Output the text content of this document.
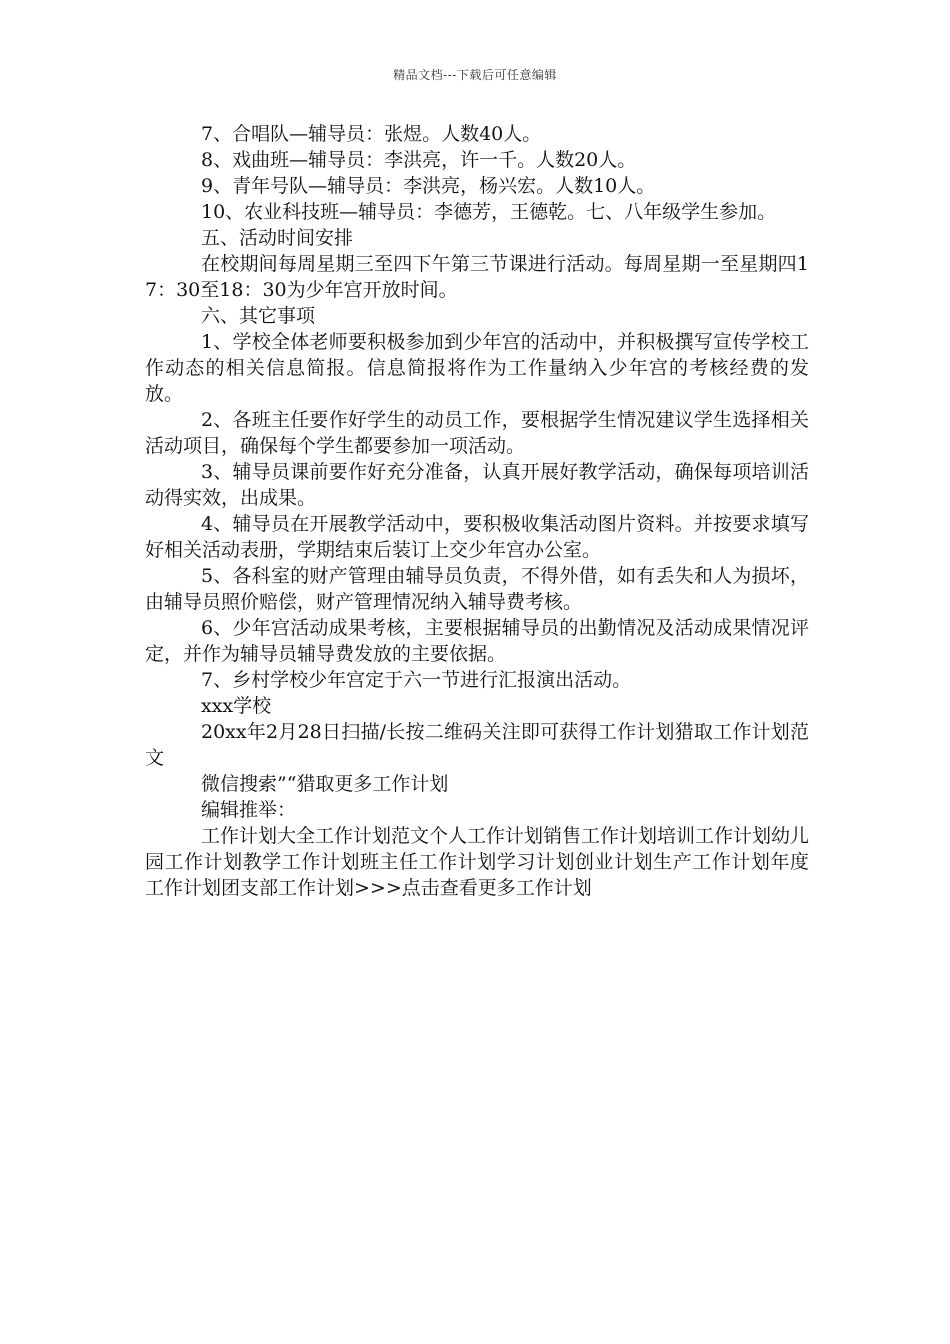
精品文档---下载后可任意编辑

7、合唱队—辅导员：张煜。人数40人。

8、戏曲班—辅导员：李洪亮，许一千。人数20人。

9、青年号队—辅导员：李洪亮，杨兴宏。人数10人。

10、农业科技班—辅导员：李德芳，王德乾。七、八年级学生参加。

五、活动时间安排

在校期间每周星期三至四下午第三节课进行活动。每周星期一至星期四17：30至18：30为少年宫开放时间。

六、其它事项

1、学校全体老师要积极参加到少年宫的活动中，并积极撰写宣传学校工作动态的相关信息简报。信息简报将作为工作量纳入少年宫的考核经费的发放。

2、各班主任要作好学生的动员工作，要根据学生情况建议学生选择相关活动项目，确保每个学生都要参加一项活动。

3、辅导员课前要作好充分准备，认真开展好教学活动，确保每项培训活动得实效，出成果。

4、辅导员在开展教学活动中，要积极收集活动图片资料。并按要求填写好相关活动表册，学期结束后装订上交少年宫办公室。

5、各科室的财产管理由辅导员负责，不得外借，如有丢失和人为损坏，由辅导员照价赔偿，财产管理情况纳入辅导费考核。

6、少年宫活动成果考核，主要根据辅导员的出勤情况及活动成果情况评定，并作为辅导员辅导费发放的主要依据。

7、乡村学校少年宫定于六一节进行汇报演出活动。

xxx学校

20xx年2月28日扫描/长按二维码关注即可获得工作计划猎取工作计划范文

微信搜索”“猎取更多工作计划

编辑推举：

工作计划大全工作计划范文个人工作计划销售工作计划培训工作计划幼儿园工作计划教学工作计划班主任工作计划学习计划创业计划生产工作计划年度工作计划团支部工作计划>>>点击查看更多工作计划
